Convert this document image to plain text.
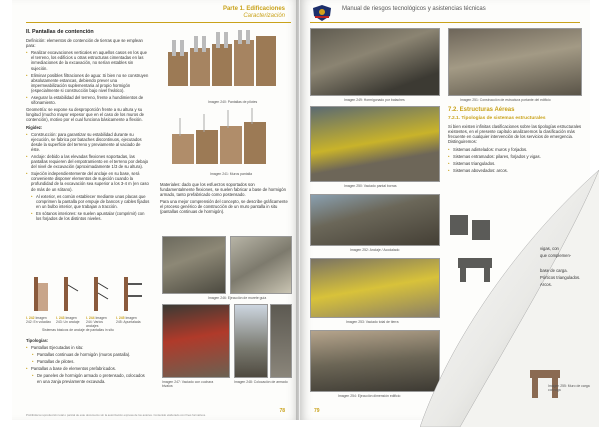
Parte 1. Edificaciones
Caracterización
II. Pantallas de contención

Definición: elementos de contención de tierras que se emplean para:

• Realizar excavaciones verticales en aquellos casos en los que el terreno, los edificios u otras estructuras cimentadas en las inmediaciones de la excavación, no serían estables sin sujeción.
• Eliminar posibles filtraciones de agua: Si bien no se construyen absolutamente estancas, debiendo prever una impermeabilización suplementaria al propio hormigón (especialmente si construcción bajo nivel freático).
• Asegurar la estabilidad del terreno, frente a hundimientos de sifonamiento.

Geometría: se expone su desproporción frente a su altura y su longitud (mucho mayor espesor que en el caso de los muros de contención), motivo por el cual funciona básicamente a flexión.

Rigidez:

• Construcción: para garantizar su estabilidad durante su ejecución, se fabrica por bataches discontinuos, ejecutados desde la superficie del terreno y previamente al vaciado de éste.
• Anclaje: debido a las elevadas flexiones soportadas, las pantallas requieren del empotramiento en el terreno por debajo del nivel de excavación (aproximadamente 1/3 de su altura).
• Sujeción independientemente del anclaje en su base, será conveniente disponer elementos de sujeción cuando la profundidad de la excavación sea superior a los 3-4 m (en caso de más de un sótano).
• Al exterior, es común establecer mediante unas placas que comprimen la pantalla por empuje de bancos y cables fijados en un bulbo interior, que trabajan a tracción.
• En sótanos interiores: se suelen apuntalar (comprimir) con los forjados de los distintos niveles.
I. 242 Imagen 242: En voladizo
I. 243 Imagen 243: Un anclaje
I. 244 Imagen 244: Varios anclajes
I. 245 Imagen 245: Apuntalada
Sistemas básicos de anclaje de pantallas in situ

Tipologías:

• Pantallas Ejecutadas in situ:
• Pantallas continuas de hormigón (muros pantalla).
• Pantallas de pilotes.
• Pantallas a base de elementos prefabricados.
• De paneles de hormigón armado o pretensado, colocados en una zanja previamente excavada.
Imagen 240: Pantallas de pilotes
Imagen 241: Muros pantalla

Materiales: dado que los esfuerzos soportados son fundamentalmente flexiones, se suelen fabricar a base de hormigón armado, tanto prefabricado como postensado.

Para una mejor comprensión del concepto, se describe gráficamente el proceso genérico de construcción de un muro pantalla in situ (pantallas continuas de hormigón).

Imagen 246: Ejecución de murete guía
Imagen 247: Vaciado con cuchara bivalva
Imagen 248: Colocación de armado
78
Prohibida la reproducción total o parcial de este documento sin la autorización expresa de los autores. Contenido elaborado con fines formativos.
Manual de riesgos tecnológicos y asistencias técnicas
Imagen 249: Hormigonado por bataches	Imagen 251: Construcción de estructura portante del edificio
Imagen 250: Vaciado pantal borras
Imagen 252: Anclaje / Acodalado
Imagen 253: Vaciado total de tierra
Imagen 254: Ejecución dimensión edificio
7.2. Estructuras Aéreas
7.2.1. Tipologías de sistemas estructurales

Si bien existen infinitas clasificaciones sobre las tipologías estructurales existentes, en el presente capítulo analizaremos la clasificación más frecuente en cualquier intervención de los servicios de emergencia. Distinguiremos:

• Sistemas adintelados: muros y forjados.
• Sistemas entramados: pilares, forjados y vigas.
• Sistemas triangulados.
• Sistemas abovedados: arcos.
79

vigas, con

que complemen-

base de carga.

Pórticos triangulados.

Arcos.

Imagen 255: Muro de carga con viga
